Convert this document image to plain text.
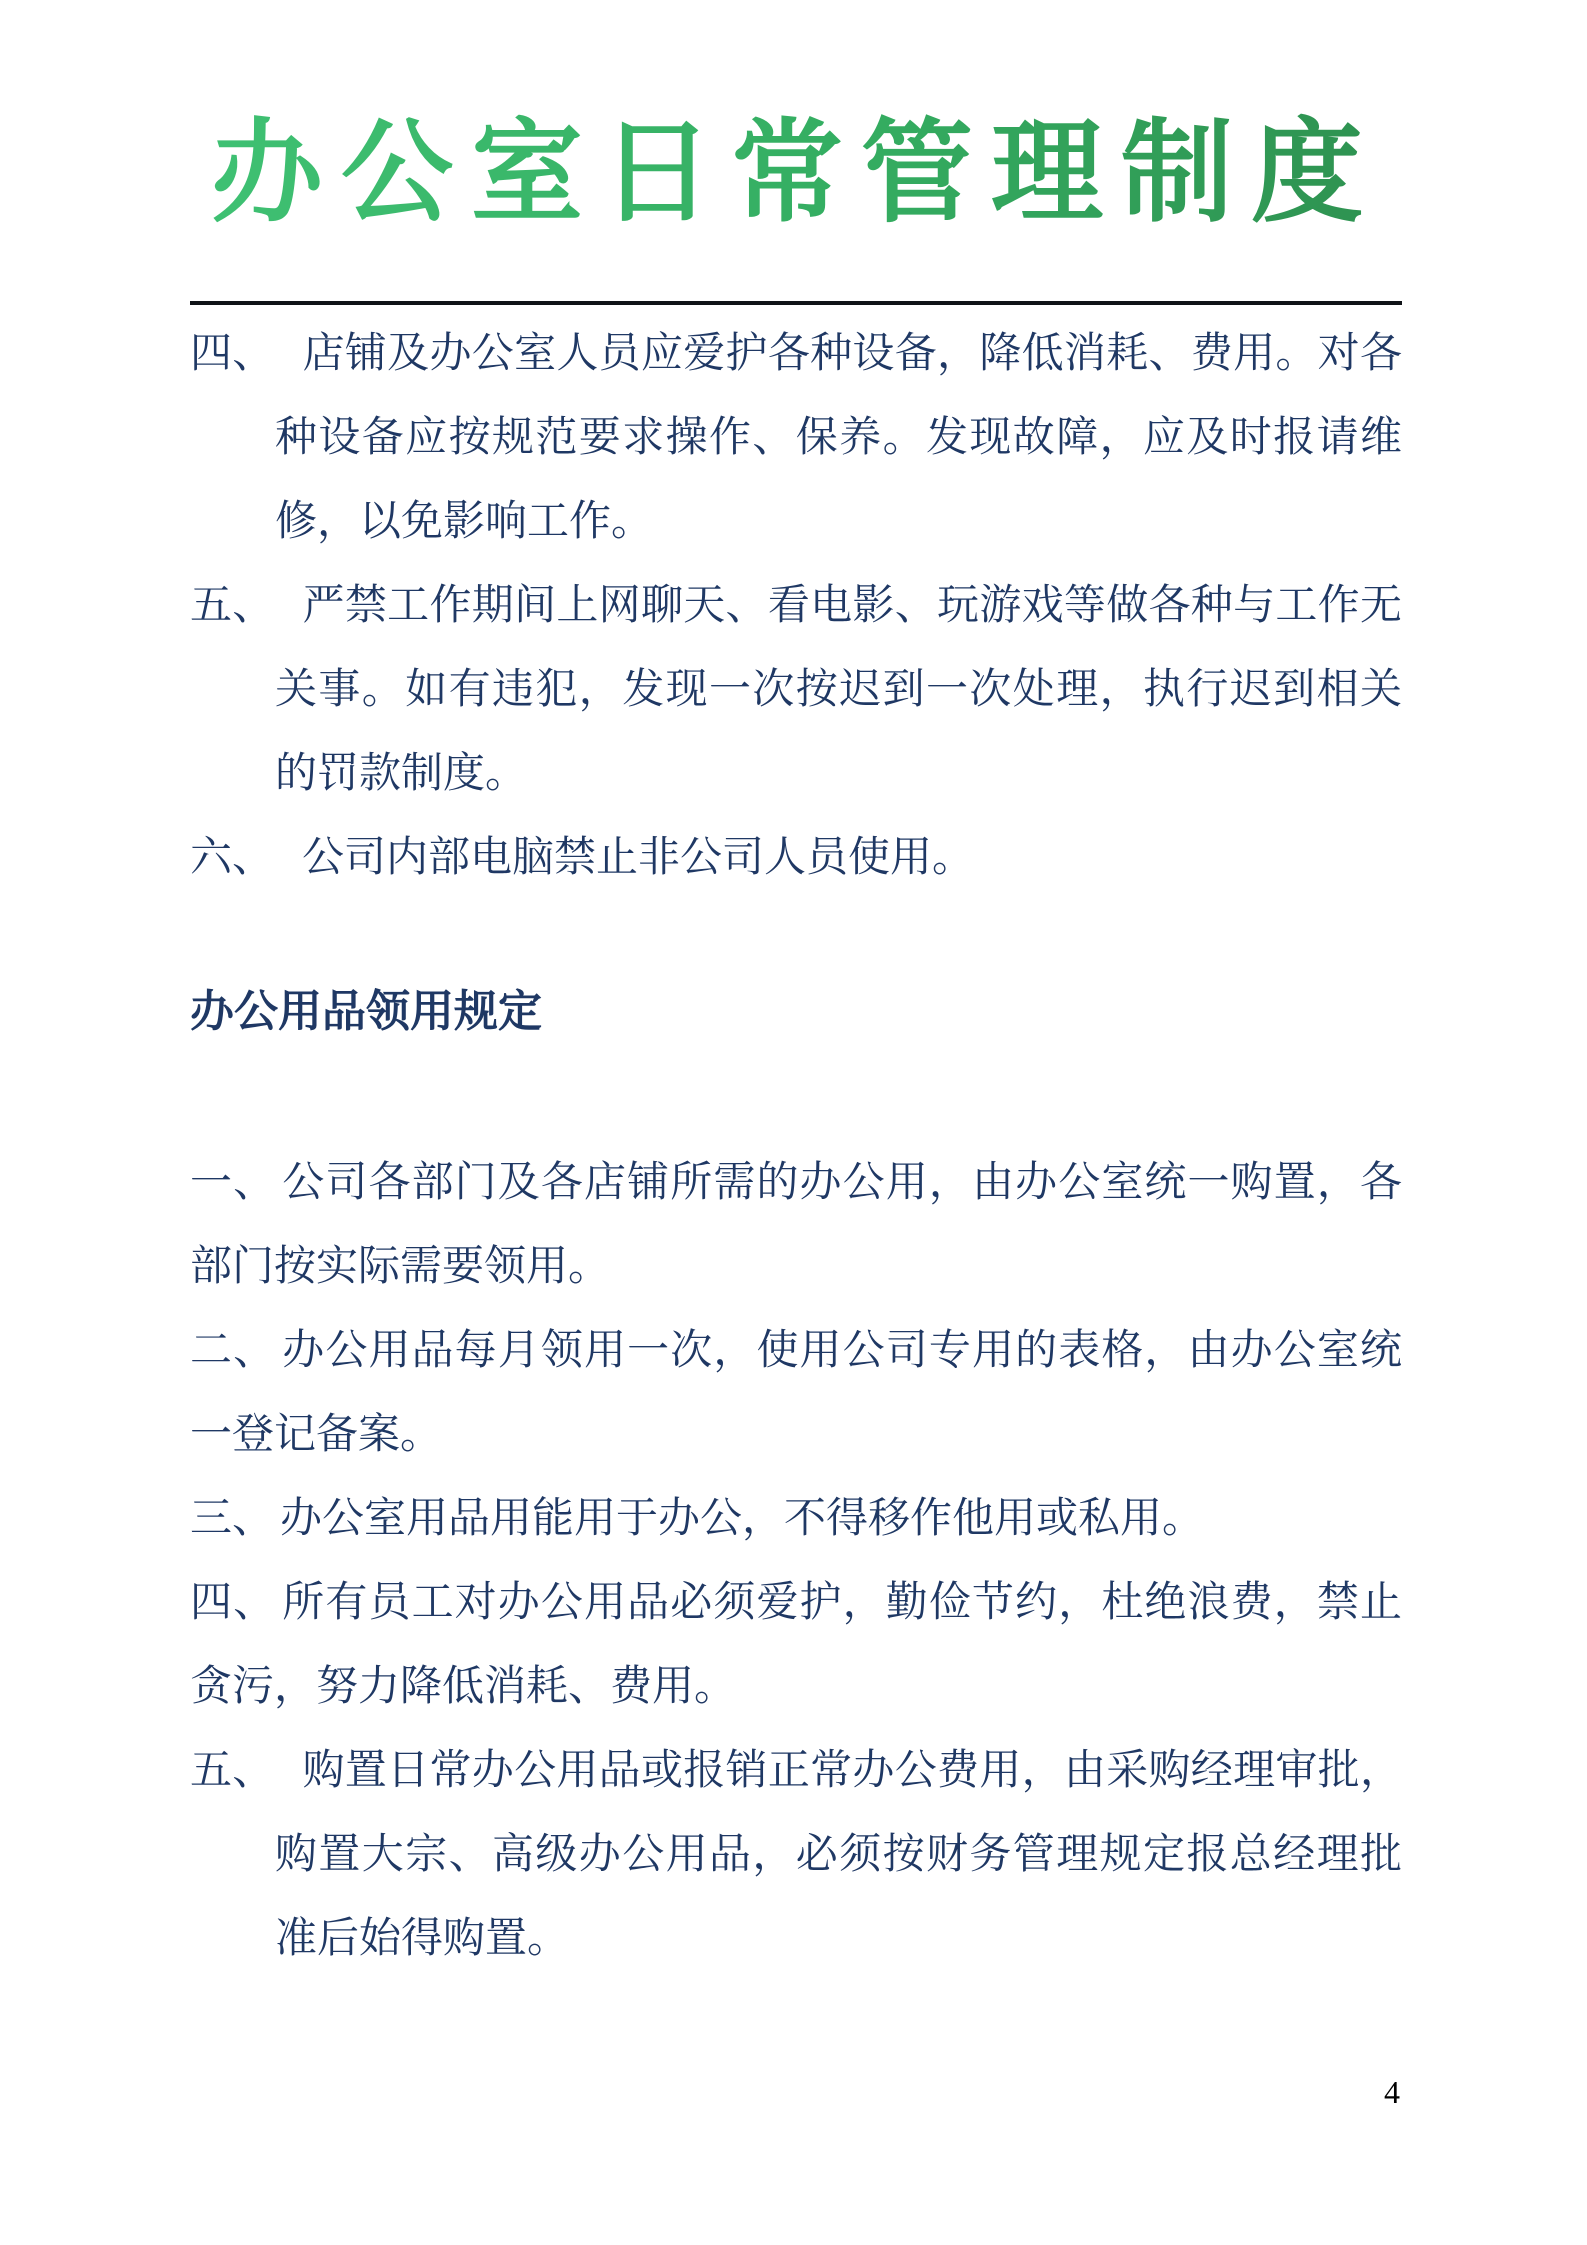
办公室日常管理制度

四、 店铺及办公室人员应爱护各种设备，降低消耗、费用。对各种设备应按规范要求操作、保养。发现故障，应及时报请维修，以免影响工作。

五、 严禁工作期间上网聊天、看电影、玩游戏等做各种与工作无关事。如有违犯，发现一次按迟到一次处理，执行迟到相关的罚款制度。

六、 公司内部电脑禁止非公司人员使用。

办公用品领用规定

一、 公司各部门及各店铺所需的办公用，由办公室统一购置，各部门按实际需要领用。

二、 办公用品每月领用一次，使用公司专用的表格，由办公室统一登记备案。

三、 办公室用品用能用于办公，不得移作他用或私用。

四、 所有员工对办公用品必须爱护，勤俭节约，杜绝浪费，禁止贪污，努力降低消耗、费用。

五、 购置日常办公用品或报销正常办公费用，由采购经理审批，购置大宗、高级办公用品，必须按财务管理规定报总经理批准后始得购置。

4
